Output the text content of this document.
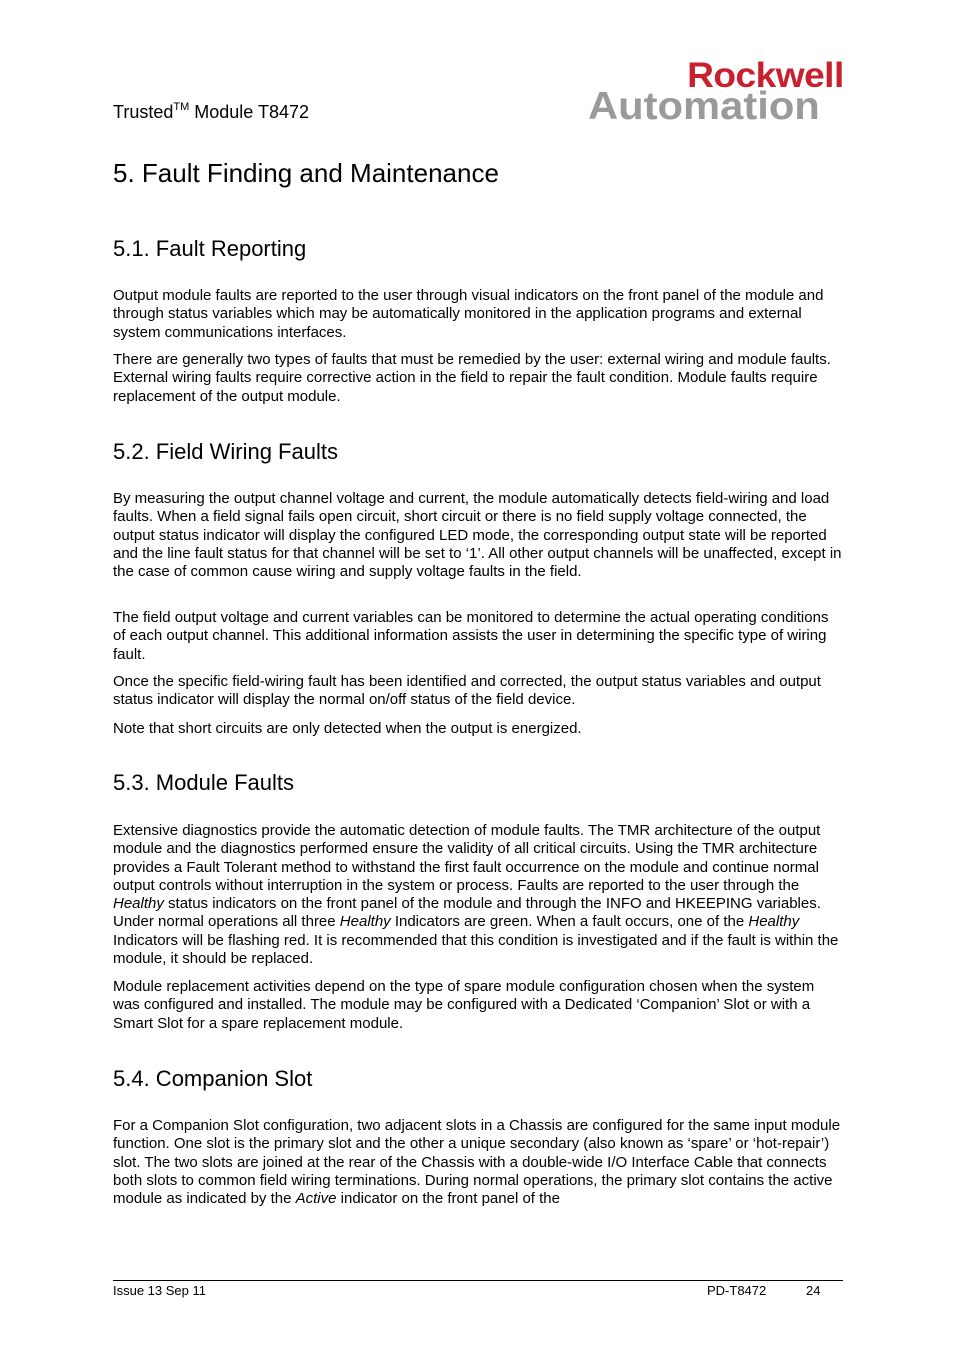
Trusted™ Module T8472
Rockwell
Automation
5. Fault Finding and Maintenance
5.1. Fault Reporting
Output module faults are reported to the user through visual indicators on the front panel of the module and through status variables which may be automatically monitored in the application programs and external system communications interfaces.
There are generally two types of faults that must be remedied by the user: external wiring and module faults. External wiring faults require corrective action in the field to repair the fault condition. Module faults require replacement of the output module.
5.2. Field Wiring Faults
By measuring the output channel voltage and current, the module automatically detects field-wiring and load faults. When a field signal fails open circuit, short circuit or there is no field supply voltage connected, the output status indicator will display the configured LED mode, the corresponding output state will be reported and the line fault status for that channel will be set to ‘1’. All other output channels will be unaffected, except in the case of common cause wiring and supply voltage faults in the field.
The field output voltage and current variables can be monitored to determine the actual operating conditions of each output channel. This additional information assists the user in determining the specific type of wiring fault.
Once the specific field-wiring fault has been identified and corrected, the output status variables and output status indicator will display the normal on/off status of the field device.
Note that short circuits are only detected when the output is energized.
5.3. Module Faults
Extensive diagnostics provide the automatic detection of module faults. The TMR architecture of the output module and the diagnostics performed ensure the validity of all critical circuits. Using the TMR architecture provides a Fault Tolerant method to withstand the first fault occurrence on the module and continue normal output controls without interruption in the system or process. Faults are reported to the user through the Healthy status indicators on the front panel of the module and through the INFO and HKEEPING variables. Under normal operations all three Healthy Indicators are green. When a fault occurs, one of the Healthy Indicators will be flashing red. It is recommended that this condition is investigated and if the fault is within the module, it should be replaced.
Module replacement activities depend on the type of spare module configuration chosen when the system was configured and installed. The module may be configured with a Dedicated ‘Companion’ Slot or with a Smart Slot for a spare replacement module.
5.4. Companion Slot
For a Companion Slot configuration, two adjacent slots in a Chassis are configured for the same input module function. One slot is the primary slot and the other a unique secondary (also known as ‘spare’ or ‘hot-repair’) slot. The two slots are joined at the rear of the Chassis with a double-wide I/O Interface Cable that connects both slots to common field wiring terminations. During normal operations, the primary slot contains the active module as indicated by the Active indicator on the front panel of the
Issue 13 Sep 11	PD-T8472	24
